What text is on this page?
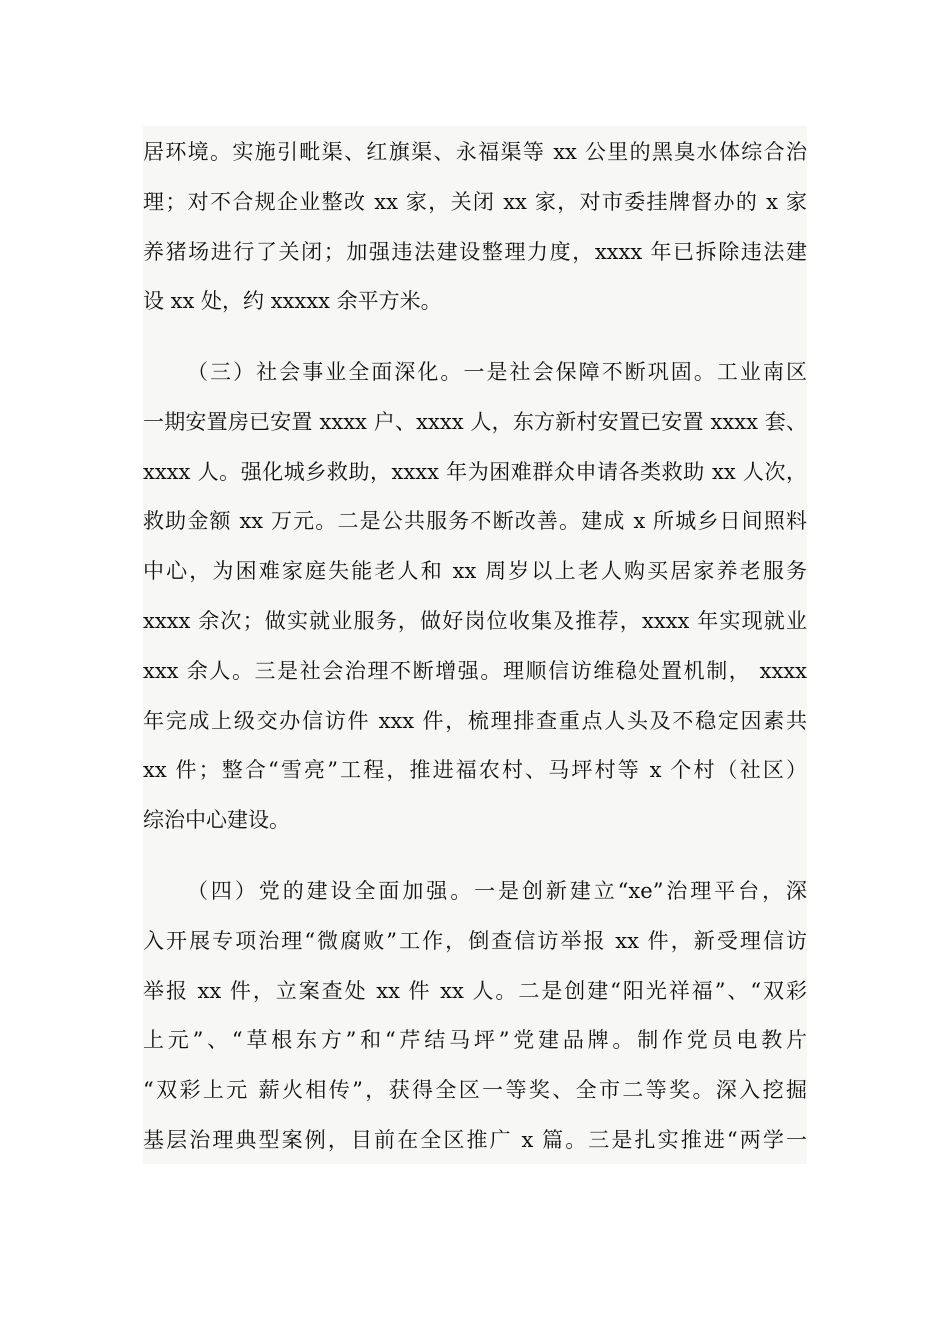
居环境。实施引毗渠、红旗渠、永福渠等 xx 公里的黑臭水体综合治
理；对不合规企业整改 xx 家，关闭 xx 家，对市委挂牌督办的 x 家
养猪场进行了关闭；加强违法建设整理力度，xxxx 年已拆除违法建
设 xx 处，约 xxxxx 余平方米。
（三）社会事业全面深化。一是社会保障不断巩固。工业南区
一期安置房已安置 xxxx 户、xxxx 人，东方新村安置已安置 xxxx 套、
xxxx 人。强化城乡救助，xxxx 年为困难群众申请各类救助 xx 人次，
救助金额 xx 万元。二是公共服务不断改善。建成 x 所城乡日间照料
中心，为困难家庭失能老人和 xx 周岁以上老人购买居家养老服务
xxxx 余次；做实就业服务，做好岗位收集及推荐，xxxx 年实现就业
xxx 余人。三是社会治理不断增强。理顺信访维稳处置机制， xxxx
年完成上级交办信访件 xxx 件，梳理排查重点人头及不稳定因素共
xx 件；整合“雪亮”工程，推进福农村、马坪村等 x 个村（社区）
综治中心建设。
（四）党的建设全面加强。一是创新建立“xe”治理平台，深
入开展专项治理“微腐败”工作，倒查信访举报 xx 件，新受理信访
举报 xx 件，立案查处 xx 件 xx 人。二是创建“阳光祥福”、“双彩
上元”、“草根东方”和“芹结马坪”党建品牌。制作党员电教片
“双彩上元 薪火相传”，获得全区一等奖、全市二等奖。深入挖掘
基层治理典型案例，目前在全区推广 x 篇。三是扎实推进“两学一
